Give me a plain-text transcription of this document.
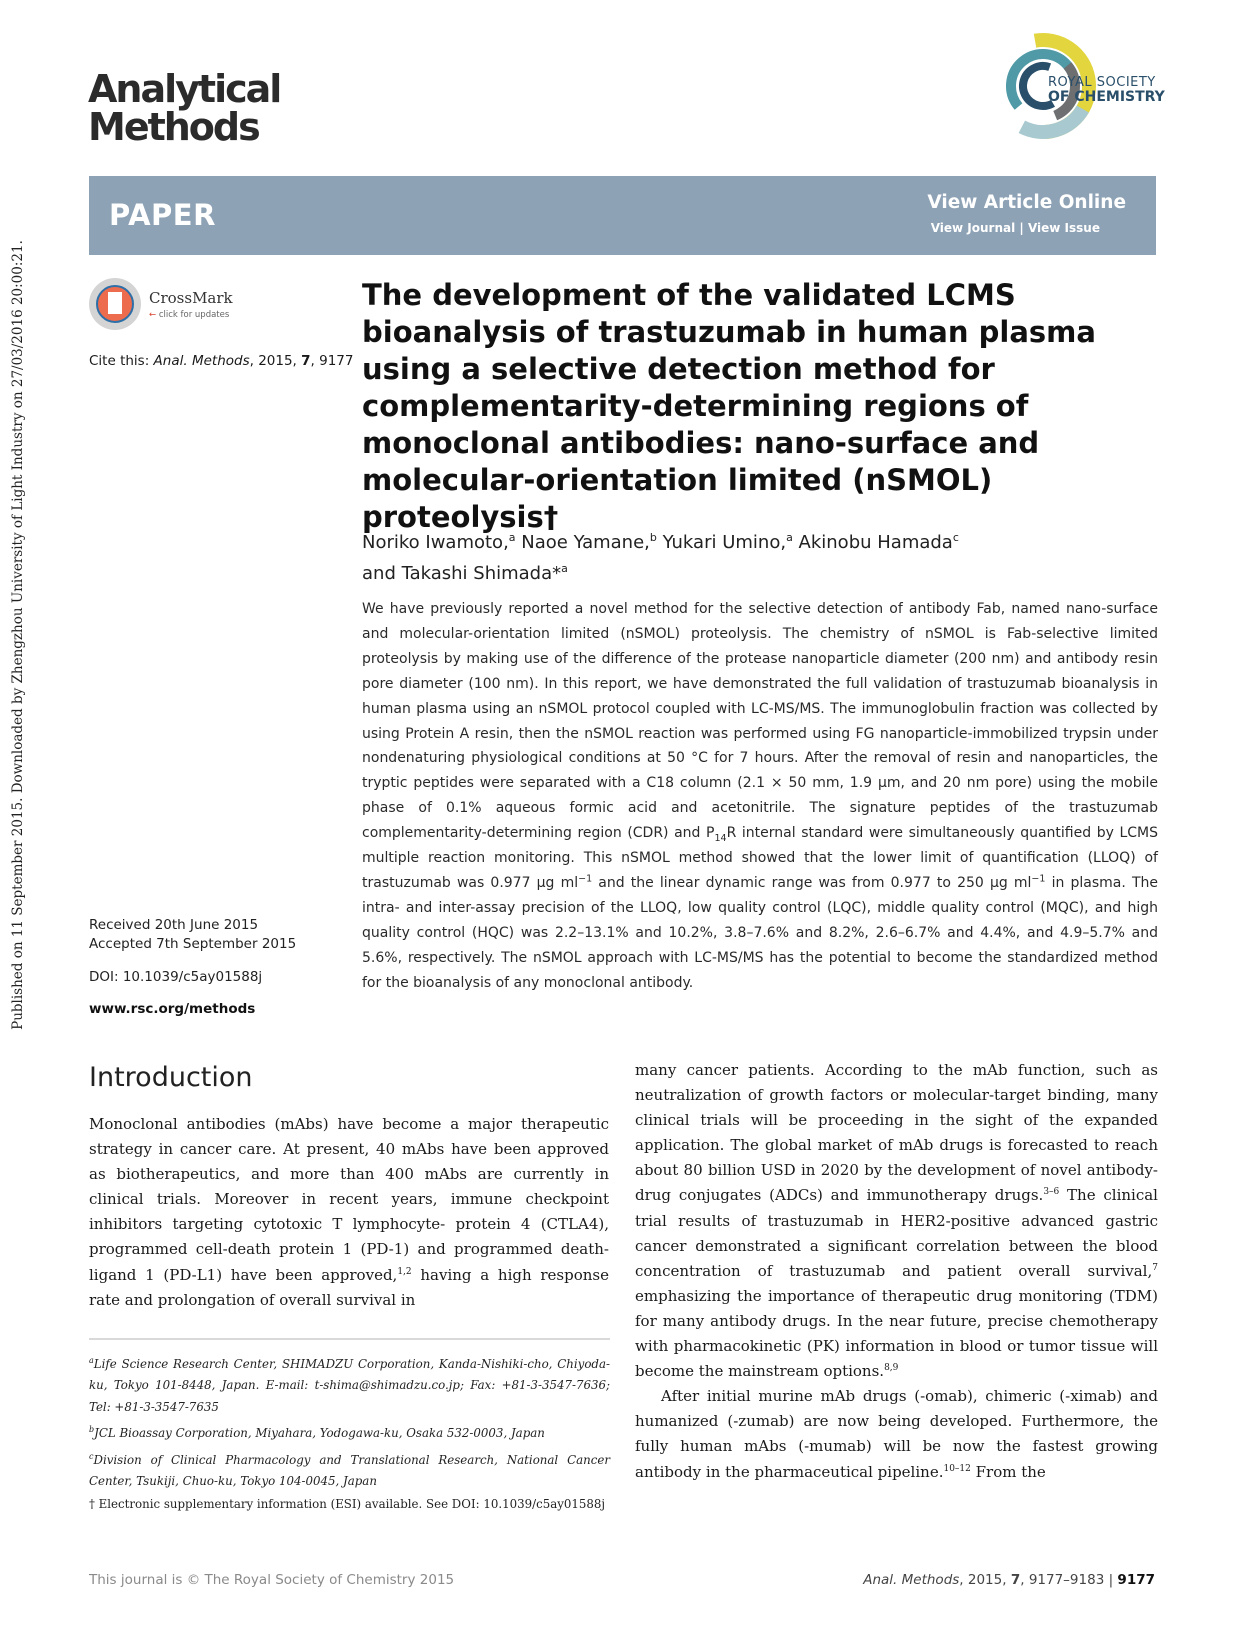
Published on 11 September 2015. Downloaded by Zhengzhou University of Light Industry on 27/03/2016 20:00:21.
Analytical
Methods
ROYAL SOCIETY
OF CHEMISTRY
PAPER	View Article Online
View Journal | View Issue
CrossMark
← click for updates
Cite this: Anal. Methods, 2015, 7, 9177
The development of the validated LCMS bioanalysis of trastuzumab in human plasma using a selective detection method for complementarity-determining regions of monoclonal antibodies: nano-surface and molecular-orientation limited (nSMOL) proteolysis†
Noriko Iwamoto,$^a$ Naoe Yamane,$^b$ Yukari Umino,$^a$ Akinobu Hamada$^c$
and Takashi Shimada*$^a$
We have previously reported a novel method for the selective detection of antibody Fab, named nano-surface and molecular-orientation limited (nSMOL) proteolysis. The chemistry of nSMOL is Fab-selective limited proteolysis by making use of the difference of the protease nanoparticle diameter (200 nm) and antibody resin pore diameter (100 nm). In this report, we have demonstrated the full validation of trastuzumab bioanalysis in human plasma using an nSMOL protocol coupled with LC-MS/MS. The immunoglobulin fraction was collected by using Protein A resin, then the nSMOL reaction was performed using FG nanoparticle-immobilized trypsin under nondenaturing physiological conditions at 50 °C for 7 hours. After the removal of resin and nanoparticles, the tryptic peptides were separated with a C18 column (2.1 × 50 mm, 1.9 μm, and 20 nm pore) using the mobile phase of 0.1% aqueous formic acid and acetonitrile. The signature peptides of the trastuzumab complementarity-determining region (CDR) and $P_{14}R$ internal standard were simultaneously quantified by LCMS multiple reaction monitoring. This nSMOL method showed that the lower limit of quantification (LLOQ) of trastuzumab was 0.977 μg $ml^{-1}$ and the linear dynamic range was from 0.977 to 250 μg $ml^{-1}$ in plasma. The intra- and inter-assay precision of the LLOQ, low quality control (LQC), middle quality control (MQC), and high quality control (HQC) was 2.2–13.1% and 10.2%, 3.8–7.6% and 8.2%, 2.6–6.7% and 4.4%, and 4.9–5.7% and 5.6%, respectively. The nSMOL approach with LC-MS/MS has the potential to become the standardized method for the bioanalysis of any monoclonal antibody.
Received 20th June 2015
Accepted 7th September 2015
DOI: 10.1039/c5ay01588j
www.rsc.org/methods
Introduction

Monoclonal antibodies (mAbs) have become a major therapeutic strategy in cancer care. At present, 40 mAbs have been approved as biotherapeutics, and more than 400 mAbs are currently in clinical trials. Moreover in recent years, immune checkpoint inhibitors targeting cytotoxic T lymphocyte- protein 4 (CTLA4), programmed cell-death protein 1 (PD-1) and programmed death-ligand 1 (PD-L1) have been approved,$^{1,2}$ having a high response rate and prolongation of overall survival in

$^a$Life Science Research Center, SHIMADZU Corporation, Kanda-Nishiki-cho, Chiyoda-ku, Tokyo 101-8448, Japan. E-mail: t-shima@shimadzu.co.jp; Fax: +81-3-3547-7636; Tel: +81-3-3547-7635

$^b$JCL Bioassay Corporation, Miyahara, Yodogawa-ku, Osaka 532-0003, Japan

$^c$Division of Clinical Pharmacology and Translational Research, National Cancer Center, Tsukiji, Chuo-ku, Tokyo 104-0045, Japan

† Electronic supplementary information (ESI) available. See DOI: 10.1039/c5ay01588j

many cancer patients. According to the mAb function, such as neutralization of growth factors or molecular-target binding, many clinical trials will be proceeding in the sight of the expanded application. The global market of mAb drugs is forecasted to reach about 80 billion USD in 2020 by the development of novel antibody-drug conjugates (ADCs) and immunotherapy drugs.$^{3-6}$ The clinical trial results of trastuzumab in HER2-positive advanced gastric cancer demonstrated a significant correlation between the blood concentration of trastuzumab and patient overall survival,$^7$ emphasizing the importance of therapeutic drug monitoring (TDM) for many antibody drugs. In the near future, precise chemotherapy with pharmacokinetic (PK) information in blood or tumor tissue will become the mainstream options.$^{8,9}$

After initial murine mAb drugs (-omab), chimeric (-ximab) and humanized (-zumab) are now being developed. Furthermore, the fully human mAbs (-mumab) will be now the fastest growing antibody in the pharmaceutical pipeline.$^{10-12}$ From the

This journal is © The Royal Society of Chemistry 2015	Anal. Methods, 2015, 7, 9177–9183 | 9177
